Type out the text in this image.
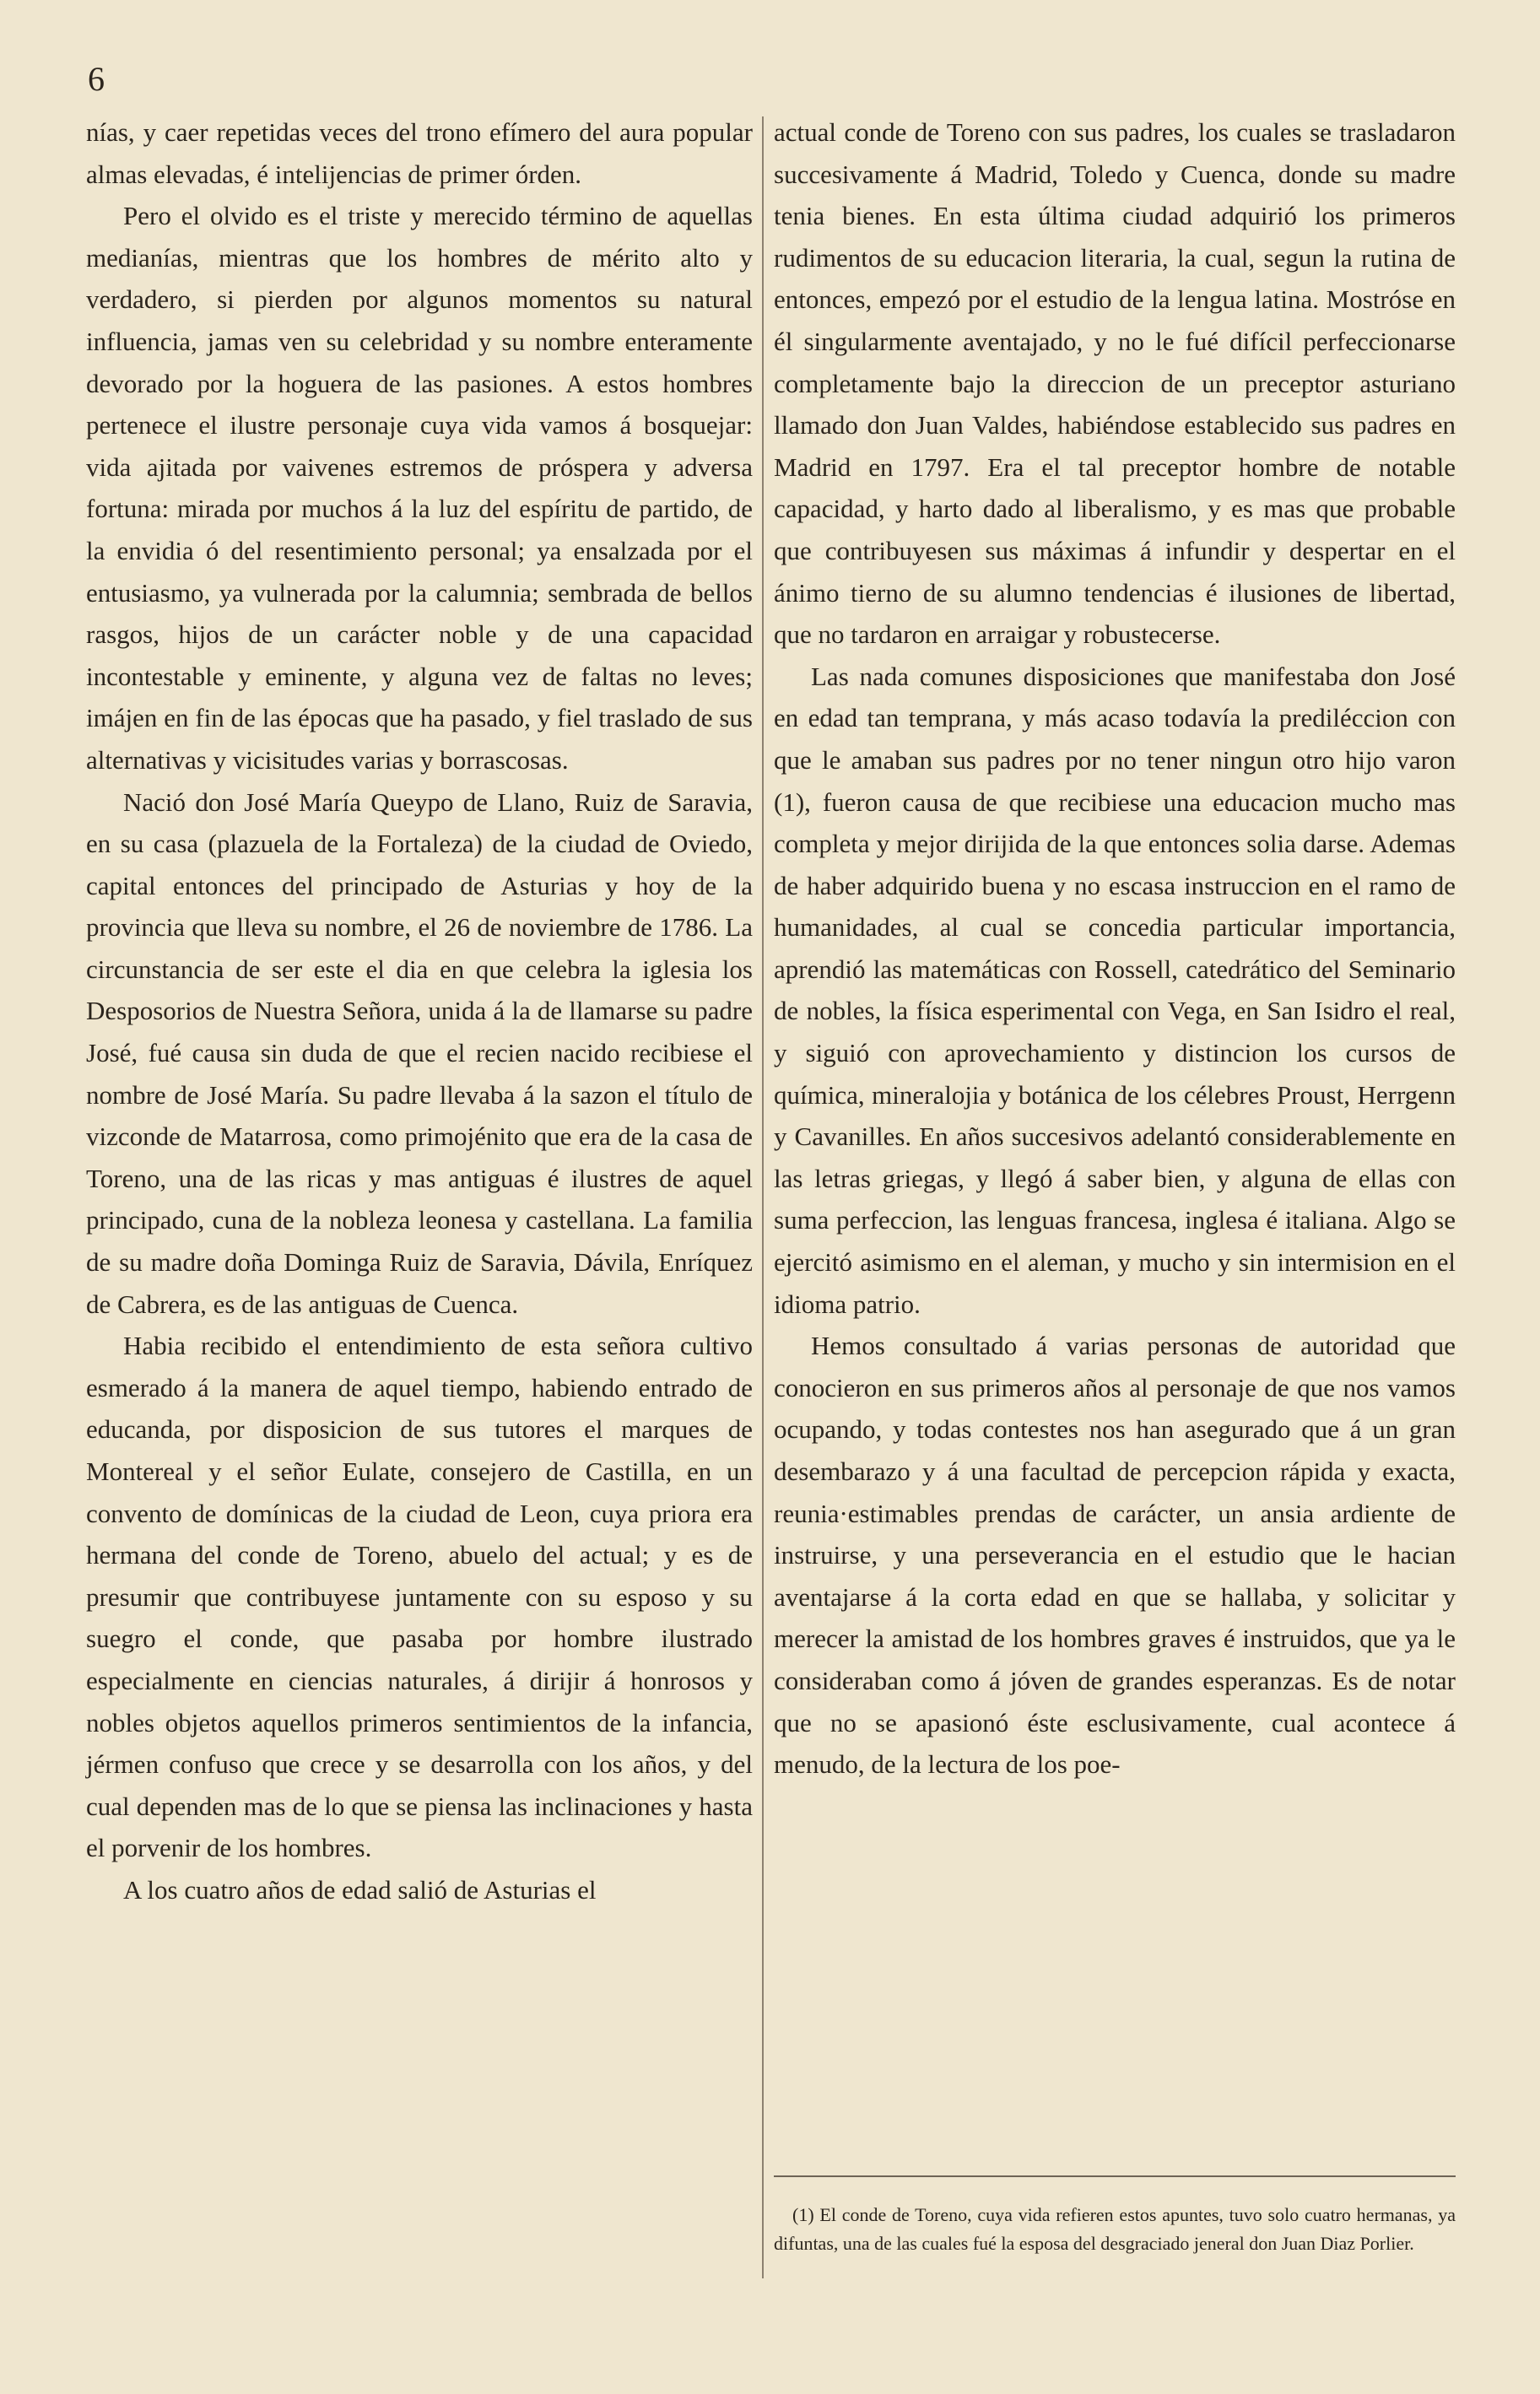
6

nías, y caer repetidas veces del trono efímero del aura popular almas elevadas, é intelijencias de primer órden.

Pero el olvido es el triste y merecido término de aquellas medianías, mientras que los hombres de mérito alto y verdadero, si pierden por algunos momentos su natural influencia, jamas ven su celebridad y su nombre enteramente devorado por la hoguera de las pasiones. A estos hombres pertenece el ilustre personaje cuya vida vamos á bosquejar: vida ajitada por vaivenes estremos de próspera y adversa fortuna: mirada por muchos á la luz del espíritu de partido, de la envidia ó del resentimiento personal; ya ensalzada por el entusiasmo, ya vulnerada por la calumnia; sembrada de bellos rasgos, hijos de un carácter noble y de una capacidad incontestable y eminente, y alguna vez de faltas no leves; imájen en fin de las épocas que ha pasado, y fiel traslado de sus alternativas y vicisitudes varias y borrascosas.

Nació don José María Queypo de Llano, Ruiz de Saravia, en su casa (plazuela de la Fortaleza) de la ciudad de Oviedo, capital entonces del principado de Asturias y hoy de la provincia que lleva su nombre, el 26 de noviembre de 1786. La circunstancia de ser este el dia en que celebra la iglesia los Desposorios de Nuestra Señora, unida á la de llamarse su padre José, fué causa sin duda de que el recien nacido recibiese el nombre de José María. Su padre llevaba á la sazon el título de vizconde de Matarrosa, como primojénito que era de la casa de Toreno, una de las ricas y mas antiguas é ilustres de aquel principado, cuna de la nobleza leonesa y castellana. La familia de su madre doña Dominga Ruiz de Saravia, Dávila, Enríquez de Cabrera, es de las antiguas de Cuenca.

Habia recibido el entendimiento de esta señora cultivo esmerado á la manera de aquel tiempo, habiendo entrado de educanda, por disposicion de sus tutores el marques de Montereal y el señor Eulate, consejero de Castilla, en un convento de domínicas de la ciudad de Leon, cuya priora era hermana del conde de Toreno, abuelo del actual; y es de presumir que contribuyese juntamente con su esposo y su suegro el conde, que pasaba por hombre ilustrado especialmente en ciencias naturales, á dirijir á honrosos y nobles objetos aquellos primeros sentimientos de la infancia, jérmen confuso que crece y se desarrolla con los años, y del cual dependen mas de lo que se piensa las inclinaciones y hasta el porvenir de los hombres.

A los cuatro años de edad salió de Asturias el

actual conde de Toreno con sus padres, los cuales se trasladaron succesivamente á Madrid, Toledo y Cuenca, donde su madre tenia bienes. En esta última ciudad adquirió los primeros rudimentos de su educacion literaria, la cual, segun la rutina de entonces, empezó por el estudio de la lengua latina. Mostróse en él singularmente aventajado, y no le fué difícil perfeccionarse completamente bajo la direccion de un preceptor asturiano llamado don Juan Valdes, habiéndose establecido sus padres en Madrid en 1797. Era el tal preceptor hombre de notable capacidad, y harto dado al liberalismo, y es mas que probable que contribuyesen sus máximas á infundir y despertar en el ánimo tierno de su alumno tendencias é ilusiones de libertad, que no tardaron en arraigar y robustecerse.

Las nada comunes disposiciones que manifestaba don José en edad tan temprana, y más acaso todavía la prediléccion con que le amaban sus padres por no tener ningun otro hijo varon (1), fueron causa de que recibiese una educacion mucho mas completa y mejor dirijida de la que entonces solia darse. Ademas de haber adquirido buena y no escasa instruccion en el ramo de humanidades, al cual se concedia particular importancia, aprendió las matemáticas con Rossell, catedrático del Seminario de nobles, la física esperimental con Vega, en San Isidro el real, y siguió con aprovechamiento y distincion los cursos de química, mineralojia y botánica de los célebres Proust, Herrgenn y Cavanilles. En años succesivos adelantó considerablemente en las letras griegas, y llegó á saber bien, y alguna de ellas con suma perfeccion, las lenguas francesa, inglesa é italiana. Algo se ejercitó asimismo en el aleman, y mucho y sin intermision en el idioma patrio.

Hemos consultado á varias personas de autoridad que conocieron en sus primeros años al personaje de que nos vamos ocupando, y todas contestes nos han asegurado que á un gran desembarazo y á una facultad de percepcion rápida y exacta, reunia·estimables prendas de carácter, un ansia ardiente de instruirse, y una perseverancia en el estudio que le hacian aventajarse á la corta edad en que se hallaba, y solicitar y merecer la amistad de los hombres graves é instruidos, que ya le consideraban como á jóven de grandes esperanzas. Es de notar que no se apasionó éste esclusivamente, cual acontece á menudo, de la lectura de los poe-

(1) El conde de Toreno, cuya vida refieren estos apuntes, tuvo solo cuatro hermanas, ya difuntas, una de las cuales fué la esposa del desgraciado jeneral don Juan Diaz Porlier.
